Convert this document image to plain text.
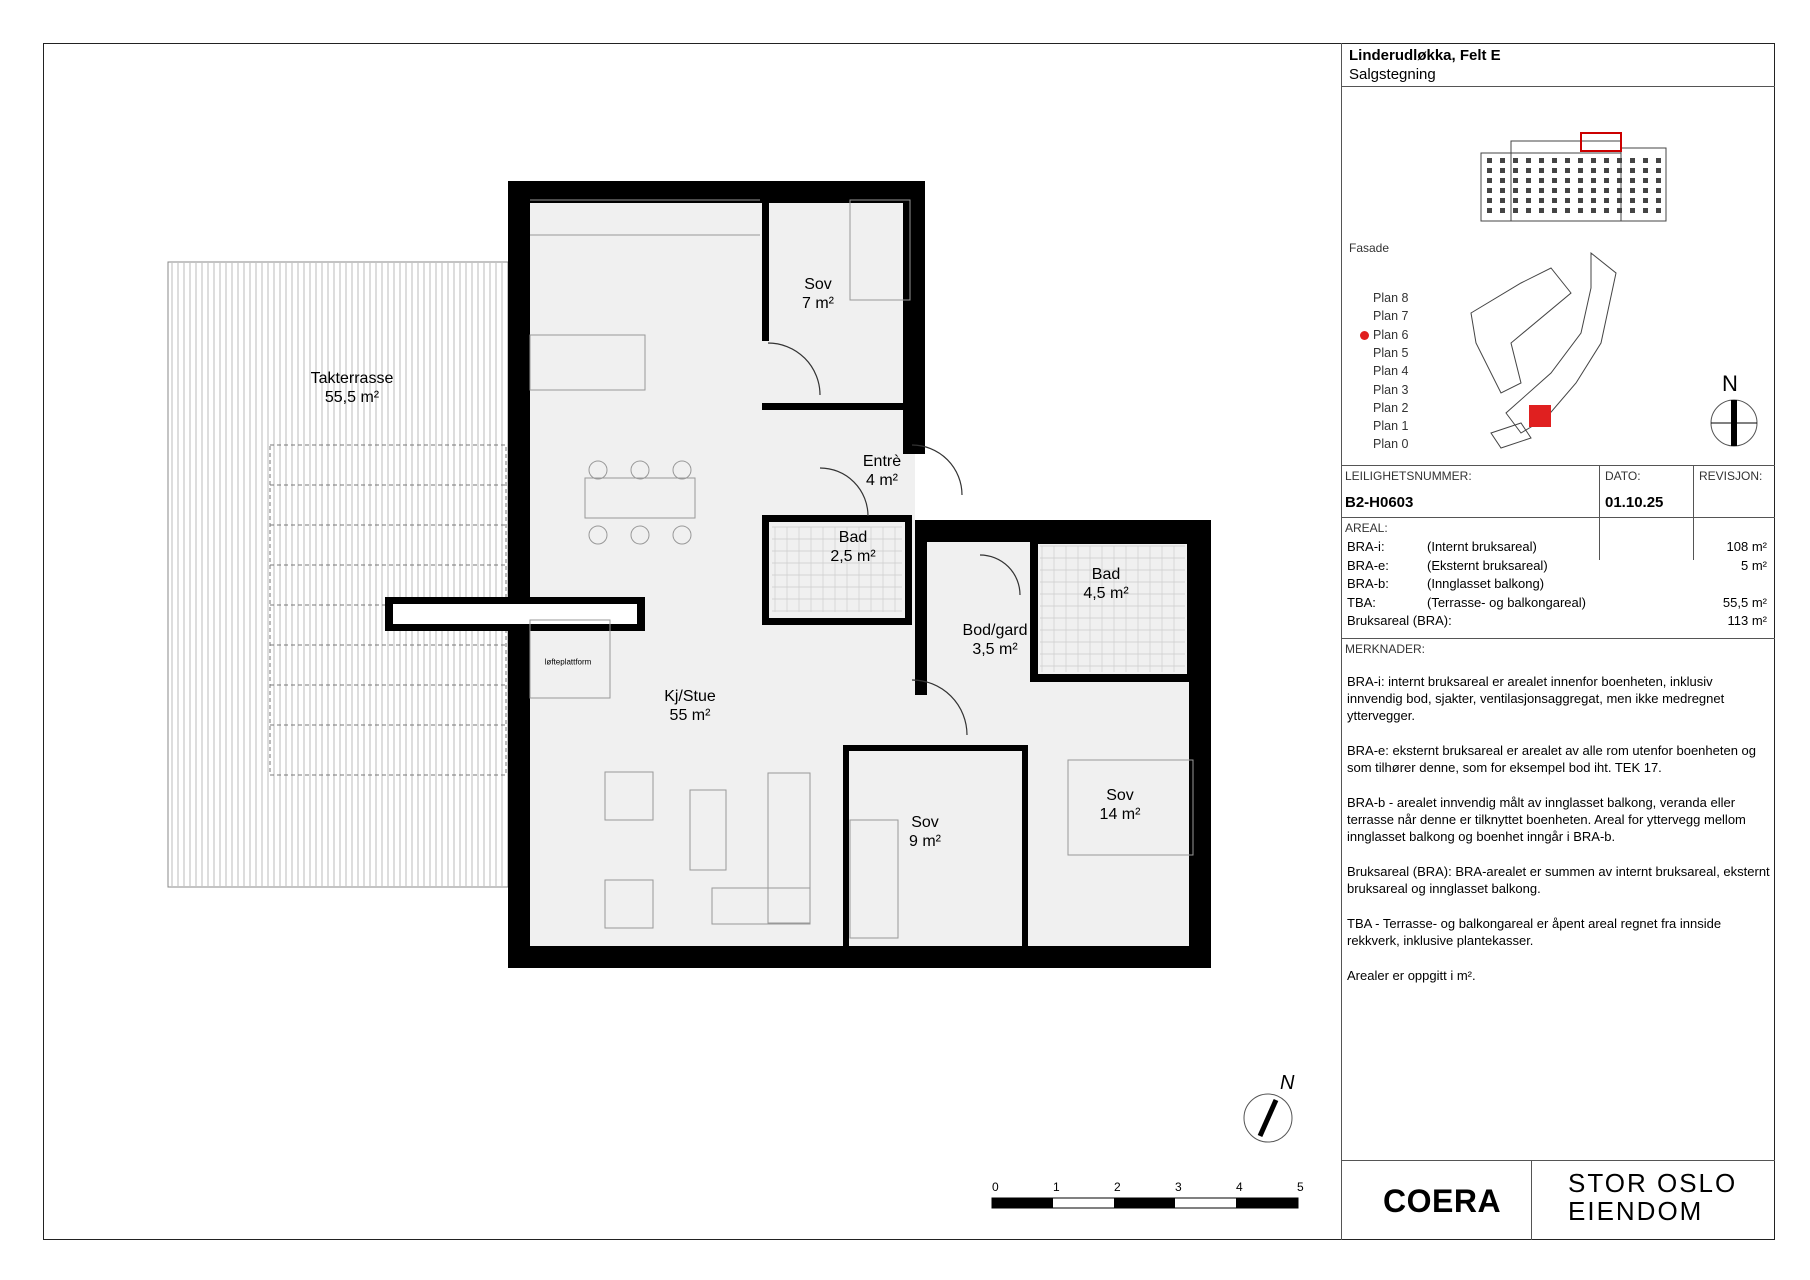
Takterrasse
55,5 m²
Sov
7 m²
Entrè
4 m²
Bad
2,5 m²
Bad
4,5 m²
Bod/gard
3,5 m²
Kj/Stue
55 m²
Sov
9 m²
Sov
14 m²
løfteplattform
0	1	2	3	4	5
N
Linderudløkka, Felt E
Salgstegning
Fasade
Plan 8
Plan 7
Plan 6
Plan 5
Plan 4
Plan 3
Plan 2
Plan 1
Plan 0
N
LEILIGHETSNUMMER:	DATO:	REVISJON:
B2-H0603	01.10.25
AREAL:
BRA-i:	(Internt bruksareal)	108 m²
BRA-e:	(Eksternt bruksareal)	5 m²
BRA-b:	(Innglasset balkong)
TBA:	(Terrasse- og balkongareal)	55,5 m²
Bruksareal (BRA):	113 m²
MERKNADER:

BRA-i: internt bruksareal er arealet innenfor boenheten, inklusiv innvendig bod, sjakter, ventilasjonsaggregat, men ikke medregnet yttervegger.

BRA-e: eksternt bruksareal er arealet av alle rom utenfor boenheten og som tilhører denne, som for eksempel bod iht. TEK 17.

BRA-b - arealet innvendig målt av innglasset balkong, veranda eller terrasse når denne er tilknyttet boenheten. Areal for yttervegg mellom innglasset balkong og boenhet inngår i BRA-b.

Bruksareal (BRA): BRA-arealet er summen av internt bruksareal, eksternt bruksareal og innglasset balkong.

TBA - Terrasse- og balkongareal er åpent areal regnet fra innside rekkverk, inklusive plantekasser.

Arealer er oppgitt i m².

COERA	STOR OSLO
EIENDOM
